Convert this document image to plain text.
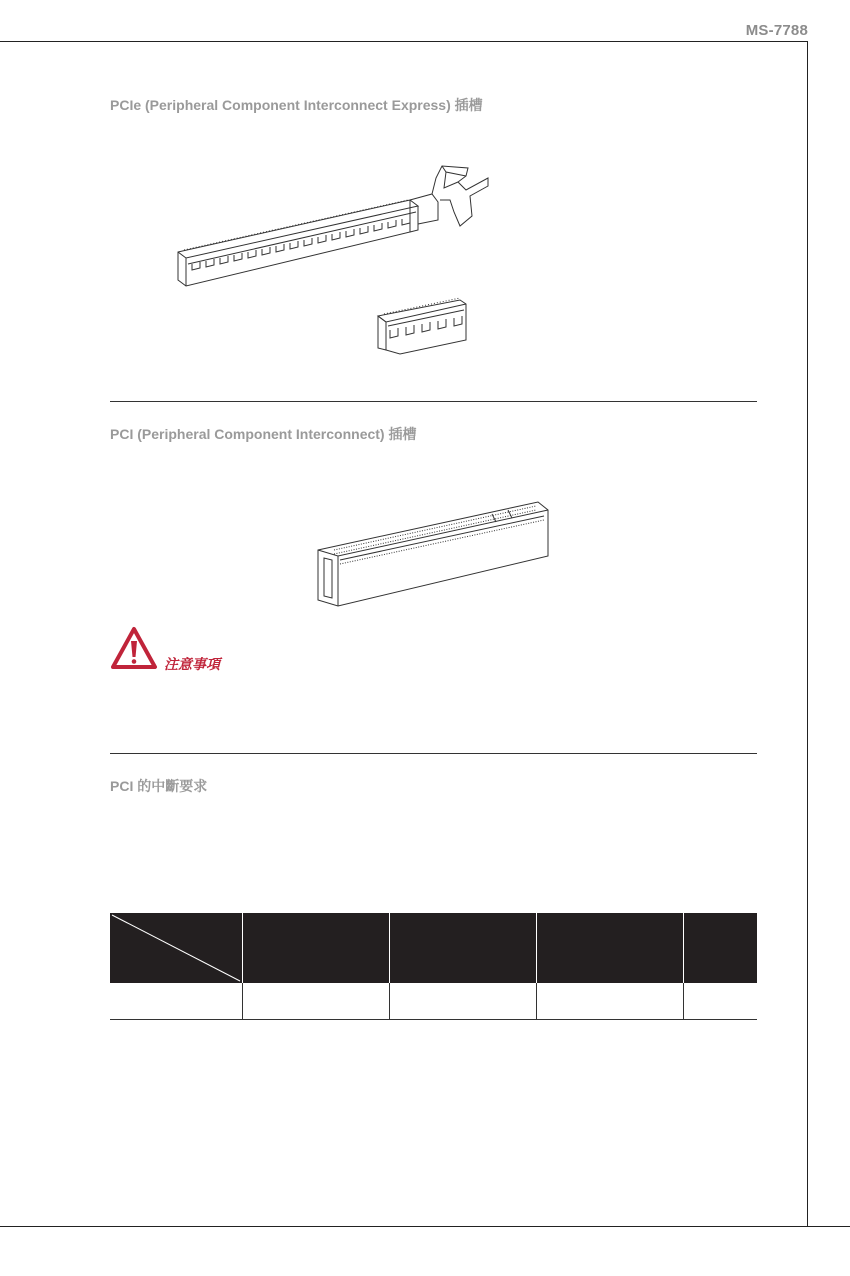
MS-7788
PCIe (Peripheral Component Interconnect Express) 插槽
PCI (Peripheral Component Interconnect) 插槽
注意事項
PCI 的中斷要求
